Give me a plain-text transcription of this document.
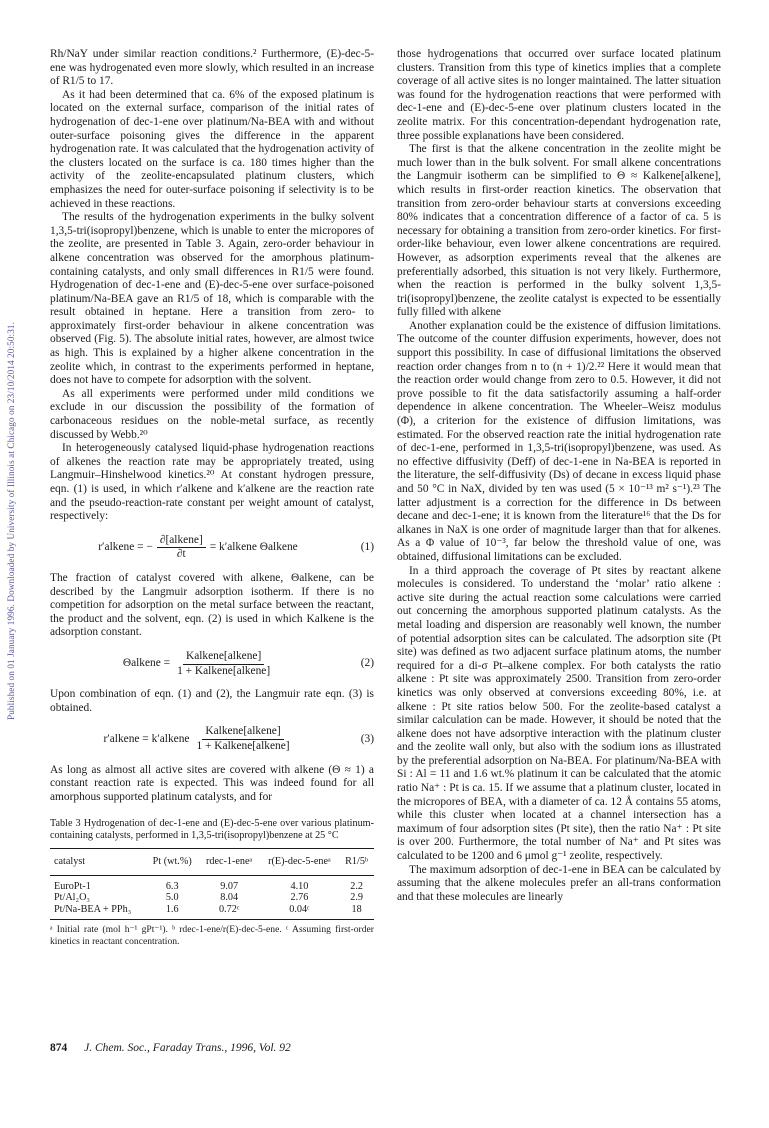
Published on 01 January 1996. Downloaded by University of Illinois at Chicago on 23/10/2014 20:50:31.

Rh/NaY under similar reaction conditions.² Furthermore, (E)-dec-5-ene was hydrogenated even more slowly, which resulted in an increase of R1/5 to 17.

As it had been determined that ca. 6% of the exposed platinum is located on the external surface, comparison of the initial rates of hydrogenation of dec-1-ene over platinum/Na-BEA with and without outer-surface poisoning gives the difference in the apparent hydrogenation rate. It was calculated that the hydrogenation activity of the clusters located on the surface is ca. 180 times higher than the activity of the zeolite-encapsulated platinum clusters, which emphasizes the need for outer-surface poisoning if selectivity is to be achieved in these reactions.

The results of the hydrogenation experiments in the bulky solvent 1,3,5-tri(isopropyl)benzene, which is unable to enter the micropores of the zeolite, are presented in Table 3. Again, zero-order behaviour in alkene concentration was observed for the amorphous platinum-containing catalysts, and only small differences in R1/5 were found. Hydrogenation of dec-1-ene and (E)-dec-5-ene over surface-poisoned platinum/Na-BEA gave an R1/5 of 18, which is comparable with the result obtained in heptane. Here a transition from zero- to approximately first-order behaviour in alkene concentration was observed (Fig. 5). The absolute initial rates, however, are almost twice as high. This is explained by a higher alkene concentration in the zeolite which, in contrast to the experiments performed in heptane, does not have to compete for adsorption with the solvent.

As all experiments were performed under mild conditions we exclude in our discussion the possibility of the formation of carbonaceous residues on the noble-metal surface, as recently discussed by Webb.²⁰

In heterogeneously catalysed liquid-phase hydrogenation reactions of alkenes the reaction rate may be appropriately treated, using Langmuir–Hinshelwood kinetics.²⁰ At constant hydrogen pressure, eqn. (1) is used, in which r′alkene and k′alkene are the reaction rate and the pseudo-reaction-rate constant per weight amount of catalyst, respectively:

r′alkene = − $\frac{\text{∂[alkene]}}{\partial t}$ = k′alkene Θalkene	(1)

The fraction of catalyst covered with alkene, Θalkene, can be described by the Langmuir adsorption isotherm. If there is no competition for adsorption on the metal surface between the reactant, the product and the solvent, eqn. (2) is used in which Kalkene is the adsorption constant.

Θalkene = $\frac{\text{Kalkene[alkene]}}{\text{1 + Kalkene[alkene]}}$	(2)

Upon combination of eqn. (1) and (2), the Langmuir rate eqn. (3) is obtained.

r′alkene = k′alkene $\frac{\text{Kalkene[alkene]}}{\text{1 + Kalkene[alkene]}}$	(3)

As long as almost all active sites are covered with alkene (Θ ≈ 1) a constant reaction rate is expected. This was indeed found for all amorphous supported platinum catalysts, and for

Table 3 Hydrogenation of dec-1-ene and (E)-dec-5-ene over various platinum-containing catalysts, performed in 1,3,5-tri(isopropyl)benzene at 25 °C
catalyst	Pt (wt.%)	rdec-1-eneᵃ	r(E)-dec-5-eneᵃ	R1/5ᵇ
EuroPt-1	6.3	9.07	4.10	2.2
Pt/Al₂O₃	5.0	8.04	2.76	2.9
Pt/Na-BEA + PPh₃	1.6	0.72ᶜ	0.04ᶜ	18
ᵃ Initial rate (mol h⁻¹ gPt⁻¹). ᵇ rdec-1-ene/r(E)-dec-5-ene. ᶜ Assuming first-order kinetics in reactant concentration.

those hydrogenations that occurred over surface located platinum clusters. Transition from this type of kinetics implies that a complete coverage of all active sites is no longer maintained. The latter situation was found for the hydrogenation reactions that were performed with dec-1-ene and (E)-dec-5-ene over platinum clusters located in the zeolite matrix. For this concentration-dependant hydrogenation rate, three possible explanations have been considered.

The first is that the alkene concentration in the zeolite might be much lower than in the bulk solvent. For small alkene concentrations the Langmuir isotherm can be simplified to Θ ≈ Kalkene[alkene], which results in first-order reaction kinetics. The observation that transition from zero-order behaviour starts at conversions exceeding 80% indicates that a concentration difference of a factor of ca. 5 is necessary for obtaining a transition from zero-order kinetics. For first-order-like behaviour, even lower alkene concentrations are required. However, as adsorption experiments reveal that the alkenes are preferentially adsorbed, this situation is not very likely. Furthermore, when the reaction is performed in the bulky solvent 1,3,5-tri(isopropyl)benzene, the zeolite catalyst is expected to be essentially fully filled with alkene

Another explanation could be the existence of diffusion limitations. The outcome of the counter diffusion experiments, however, does not support this possibility. In case of diffusional limitations the observed reaction order changes from n to (n + 1)/2.²² Here it would mean that the reaction order would change from zero to 0.5. However, it did not prove possible to fit the data satisfactorily assuming a half-order dependence in alkene concentration. The Wheeler–Weisz modulus (Φ), a criterion for the existence of diffusion limitations, was estimated. For the observed reaction rate the initial hydrogenation rate of dec-1-ene, performed in 1,3,5-tri(isopropyl)benzene, was used. As no effective diffusivity (Deff) of dec-1-ene in Na-BEA is reported in the literature, the self-diffusivity (Ds) of decane in excess liquid phase and 50 °C in NaX, divided by ten was used (5 × 10⁻¹³ m² s⁻¹).²³ The latter adjustment is a correction for the difference in Ds between decane and dec-1-ene; it is known from the literature¹⁶ that the Ds for alkanes in NaX is one order of magnitude larger than that for alkenes. As a Φ value of 10⁻³, far below the threshold value of one, was obtained, diffusional limitations can be excluded.

In a third approach the coverage of Pt sites by reactant alkene molecules is considered. To understand the ‘molar’ ratio alkene : active site during the actual reaction some calculations were carried out concerning the amorphous supported platinum catalysts. As the metal loading and dispersion are reasonably well known, the number of potential adsorption sites can be calculated. The adsorption site (Pt site) was defined as two adjacent surface platinum atoms, the number required for a di-σ Pt–alkene complex. For both catalysts the ratio alkene : Pt site was approximately 2500. Transition from zero-order kinetics was only observed at conversions exceeding 80%, i.e. at alkene : Pt site ratios below 500. For the zeolite-based catalyst a similar calculation can be made. However, it should be noted that the alkene does not have adsorptive interaction with the platinum cluster and the zeolite wall only, but also with the sodium ions as illustrated by the preferential adsorption on Na-BEA. For platinum/Na-BEA with Si : Al = 11 and 1.6 wt.% platinum it can be calculated that the atomic ratio Na⁺ : Pt is ca. 15. If we assume that a platinum cluster, located in the micropores of BEA, with a diameter of ca. 12 Å contains 55 atoms, while this cluster when located at a channel intersection has a maximum of four adsorption sites (Pt site), then the ratio Na⁺ : Pt site is over 200. Furthermore, the total number of Na⁺ and Pt sites was calculated to be 1200 and 6 μmol g⁻¹ zeolite, respectively.

The maximum adsorption of dec-1-ene in BEA can be calculated by assuming that the alkene molecules prefer an all-trans conformation and that these molecules are linearly

874 J. Chem. Soc., Faraday Trans., 1996, Vol. 92
